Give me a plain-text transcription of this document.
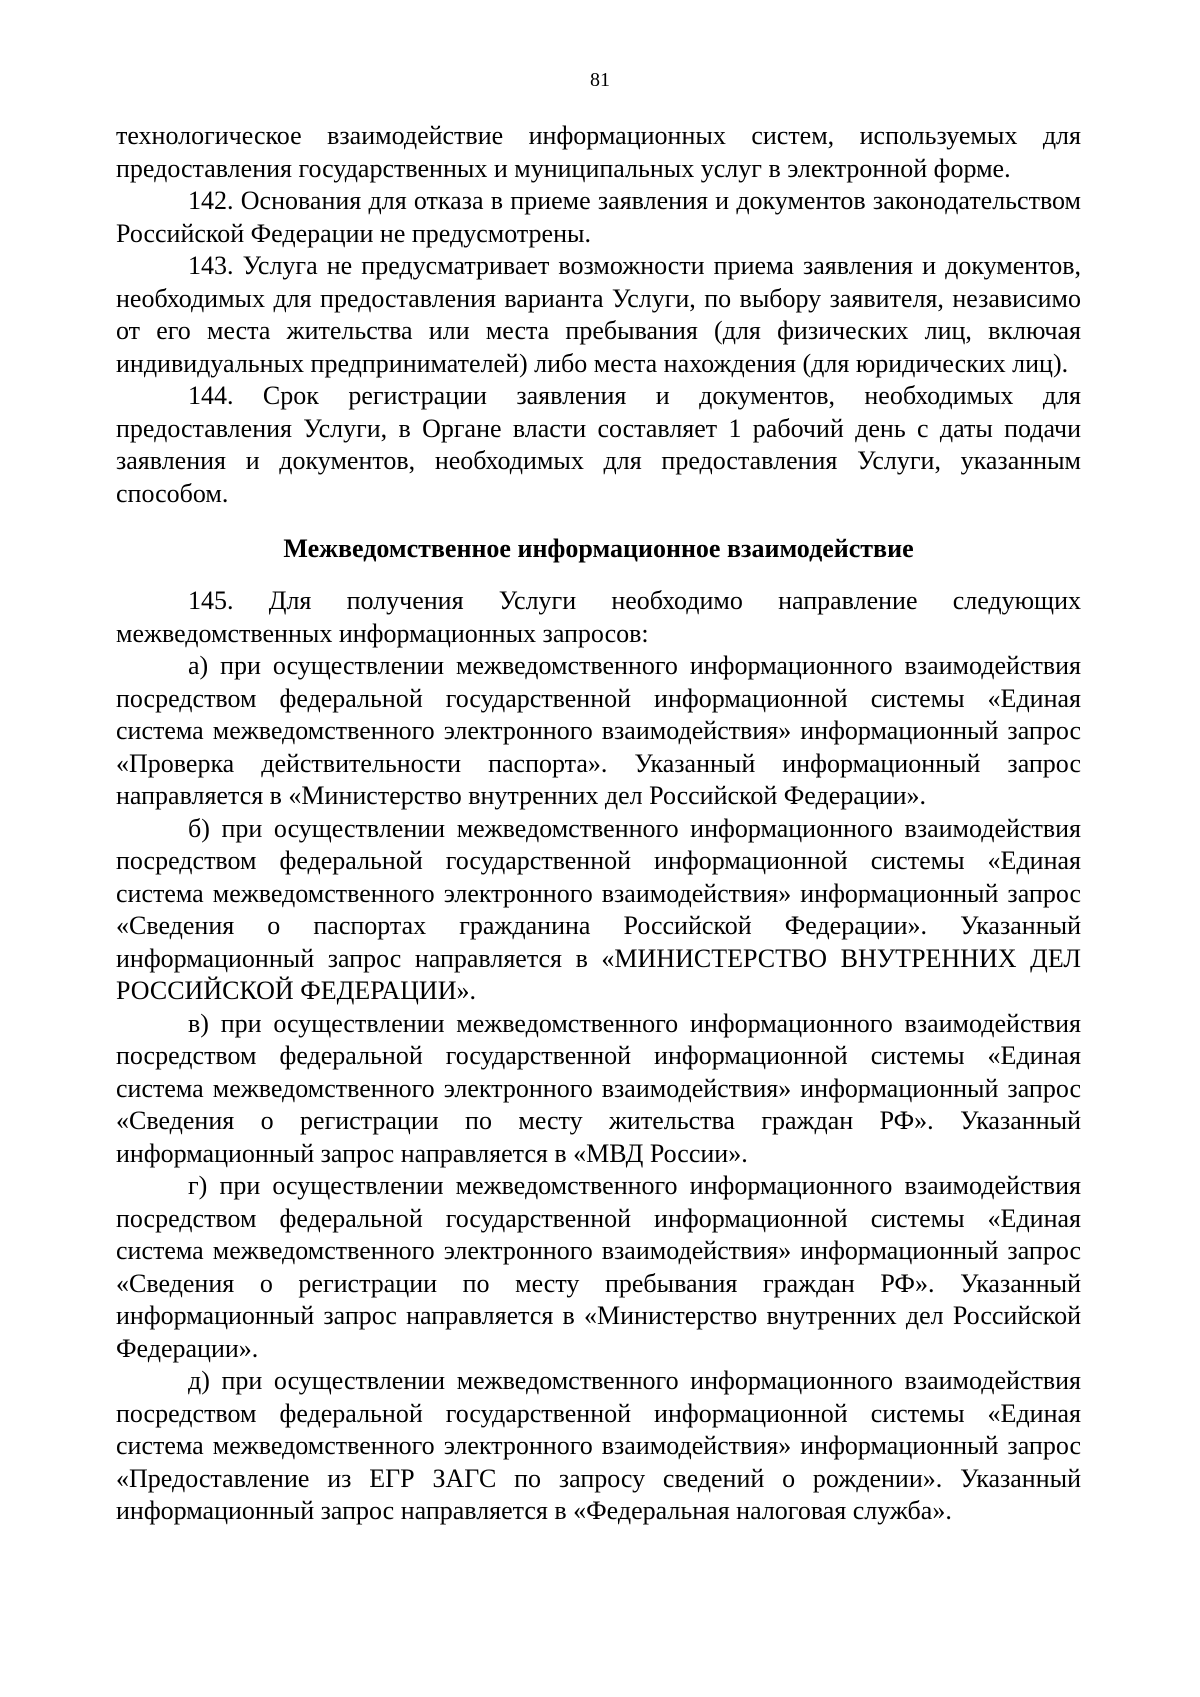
81

технологическое взаимодействие информационных систем, используемых для предоставления государственных и муниципальных услуг в электронной форме.

142. Основания для отказа в приеме заявления и документов законодательством Российской Федерации не предусмотрены.

143. Услуга не предусматривает возможности приема заявления и документов, необходимых для предоставления варианта Услуги, по выбору заявителя, независимо от его места жительства или места пребывания (для физических лиц, включая индивидуальных предпринимателей) либо места нахождения (для юридических лиц).

144. Срок регистрации заявления и документов, необходимых для предоставления Услуги, в Органе власти составляет 1 рабочий день с даты подачи заявления и документов, необходимых для предоставления Услуги, указанным способом.

Межведомственное информационное взаимодействие

145. Для получения Услуги необходимо направление следующих межведомственных информационных запросов:

а) при осуществлении межведомственного информационного взаимодействия посредством федеральной государственной информационной системы «Единая система межведомственного электронного взаимодействия» информационный запрос «Проверка действительности паспорта». Указанный информационный запрос направляется в «Министерство внутренних дел Российской Федерации».

б) при осуществлении межведомственного информационного взаимодействия посредством федеральной государственной информационной системы «Единая система межведомственного электронного взаимодействия» информационный запрос «Сведения о паспортах гражданина Российской Федерации». Указанный информационный запрос направляется в «МИНИСТЕРСТВО ВНУТРЕННИХ ДЕЛ РОССИЙСКОЙ ФЕДЕРАЦИИ».

в) при осуществлении межведомственного информационного взаимодействия посредством федеральной государственной информационной системы «Единая система межведомственного электронного взаимодействия» информационный запрос «Сведения о регистрации по месту жительства граждан РФ». Указанный информационный запрос направляется в «МВД России».

г) при осуществлении межведомственного информационного взаимодействия посредством федеральной государственной информационной системы «Единая система межведомственного электронного взаимодействия» информационный запрос «Сведения о регистрации по месту пребывания граждан РФ». Указанный информационный запрос направляется в «Министерство внутренних дел Российской Федерации».

д) при осуществлении межведомственного информационного взаимодействия посредством федеральной государственной информационной системы «Единая система межведомственного электронного взаимодействия» информационный запрос «Предоставление из ЕГР ЗАГС по запросу сведений о рождении». Указанный информационный запрос направляется в «Федеральная налоговая служба».
